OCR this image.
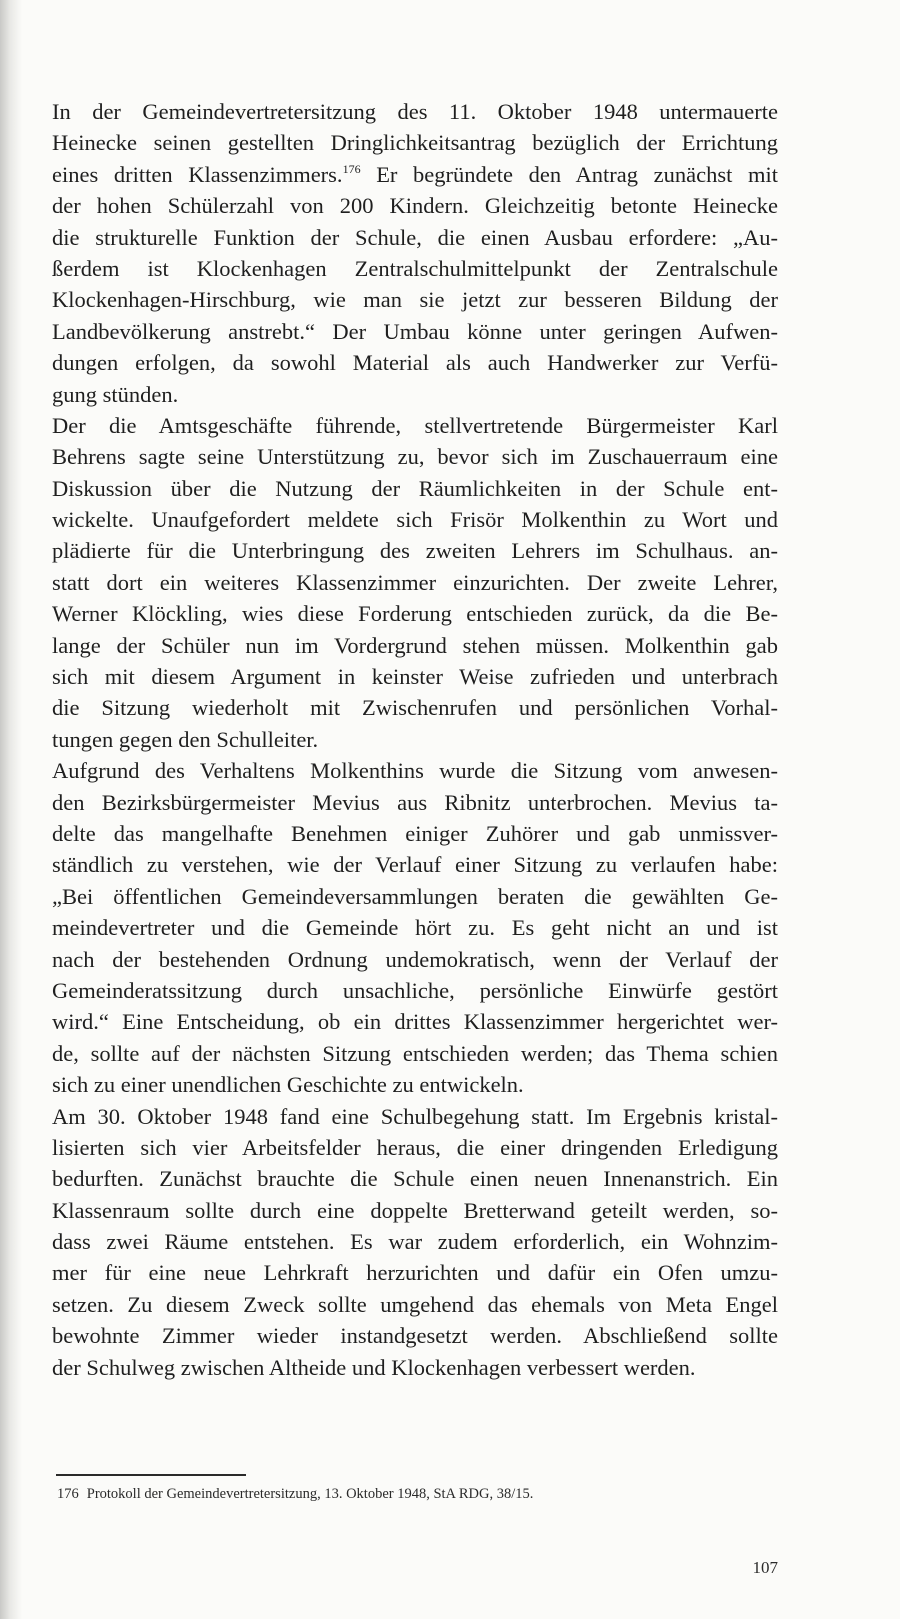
In der Gemeindevertretersitzung des 11. Oktober 1948 untermauerte
Heinecke seinen gestellten Dringlichkeitsantrag bezüglich der Errichtung
eines dritten Klassenzimmers.$^{176}$ Er begründete den Antrag zunächst mit
der hohen Schülerzahl von 200 Kindern. Gleichzeitig betonte Heinecke
die strukturelle Funktion der Schule, die einen Ausbau erfordere: „Au-
ßerdem ist Klockenhagen Zentralschulmittelpunkt der Zentralschule
Klockenhagen-Hirschburg, wie man sie jetzt zur besseren Bildung der
Landbevölkerung anstrebt.“ Der Umbau könne unter geringen Aufwen-
dungen erfolgen, da sowohl Material als auch Handwerker zur Verfü-
gung stünden.
Der die Amtsgeschäfte führende, stellvertretende Bürgermeister Karl
Behrens sagte seine Unterstützung zu, bevor sich im Zuschauerraum eine
Diskussion über die Nutzung der Räumlichkeiten in der Schule ent-
wickelte. Unaufgefordert meldete sich Frisör Molkenthin zu Wort und
plädierte für die Unterbringung des zweiten Lehrers im Schulhaus. an-
statt dort ein weiteres Klassenzimmer einzurichten. Der zweite Lehrer,
Werner Klöckling, wies diese Forderung entschieden zurück, da die Be-
lange der Schüler nun im Vordergrund stehen müssen. Molkenthin gab
sich mit diesem Argument in keinster Weise zufrieden und unterbrach
die Sitzung wiederholt mit Zwischenrufen und persönlichen Vorhal-
tungen gegen den Schulleiter.
Aufgrund des Verhaltens Molkenthins wurde die Sitzung vom anwesen-
den Bezirksbürgermeister Mevius aus Ribnitz unterbrochen. Mevius ta-
delte das mangelhafte Benehmen einiger Zuhörer und gab unmissver-
ständlich zu verstehen, wie der Verlauf einer Sitzung zu verlaufen habe:
„Bei öffentlichen Gemeindeversammlungen beraten die gewählten Ge-
meindevertreter und die Gemeinde hört zu. Es geht nicht an und ist
nach der bestehenden Ordnung undemokratisch, wenn der Verlauf der
Gemeinderatssitzung durch unsachliche, persönliche Einwürfe gestört
wird.“ Eine Entscheidung, ob ein drittes Klassenzimmer hergerichtet wer-
de, sollte auf der nächsten Sitzung entschieden werden; das Thema schien
sich zu einer unendlichen Geschichte zu entwickeln.
Am 30. Oktober 1948 fand eine Schulbegehung statt. Im Ergebnis kristal-
lisierten sich vier Arbeitsfelder heraus, die einer dringenden Erledigung
bedurften. Zunächst brauchte die Schule einen neuen Innenanstrich. Ein
Klassenraum sollte durch eine doppelte Bretterwand geteilt werden, so-
dass zwei Räume entstehen. Es war zudem erforderlich, ein Wohnzim-
mer für eine neue Lehrkraft herzurichten und dafür ein Ofen umzu-
setzen. Zu diesem Zweck sollte umgehend das ehemals von Meta Engel
bewohnte Zimmer wieder instandgesetzt werden. Abschließend sollte
der Schulweg zwischen Altheide und Klockenhagen verbessert werden.
176 Protokoll der Gemeindevertretersitzung, 13. Oktober 1948, StA RDG, 38/15.
107
